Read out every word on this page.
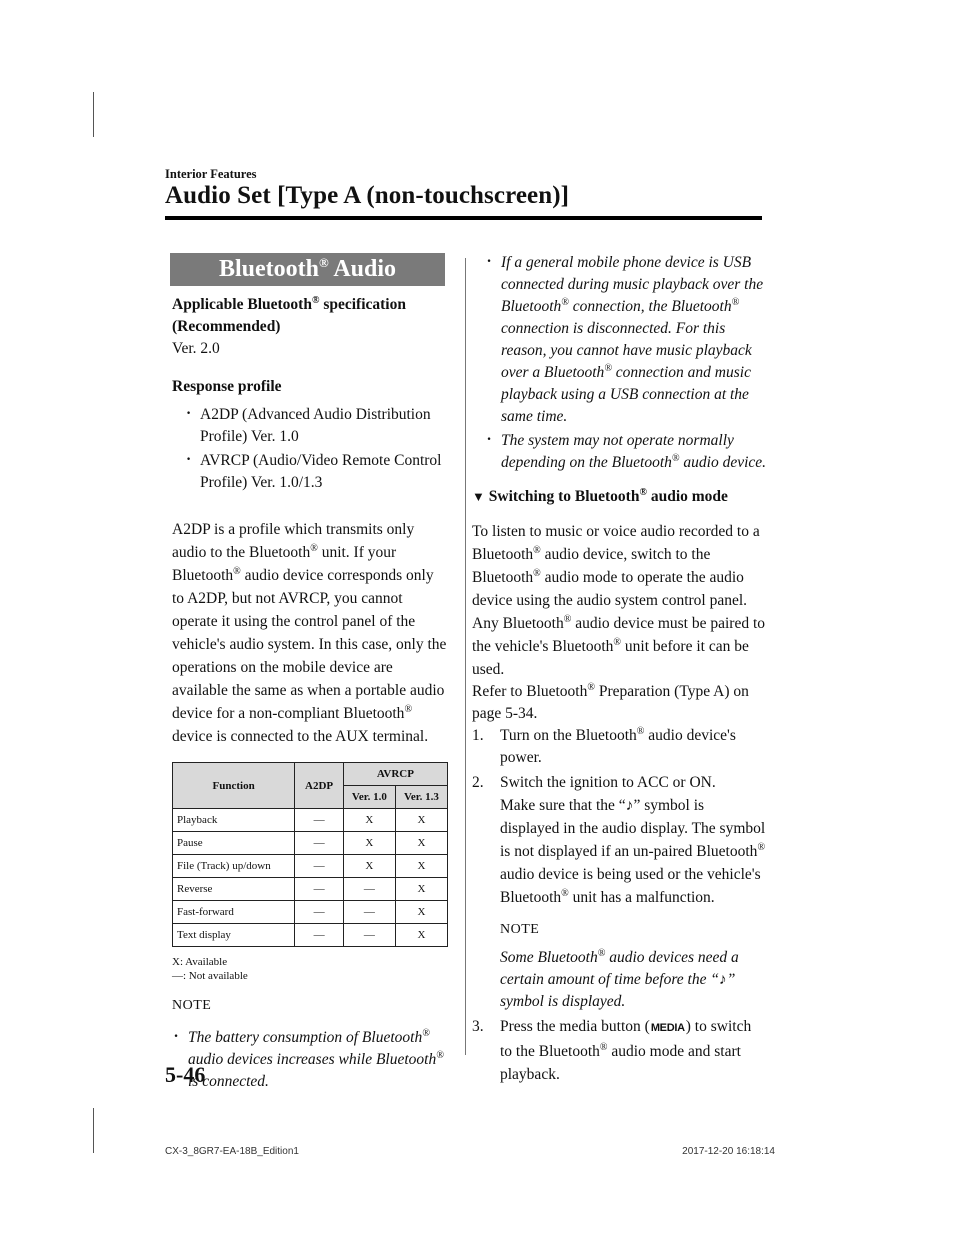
Interior Features
Audio Set [Type A (non-touchscreen)]
Bluetooth® Audio
Applicable Bluetooth® specification (Recommended)
Ver. 2.0
Response profile
· A2DP (Advanced Audio Distribution Profile) Ver. 1.0
· AVRCP (Audio/Video Remote Control Profile) Ver. 1.0/1.3
A2DP is a profile which transmits only audio to the Bluetooth® unit. If your Bluetooth® audio device corresponds only to A2DP, but not AVRCP, you cannot operate it using the control panel of the vehicle's audio system. In this case, only the operations on the mobile device are available the same as when a portable audio device for a non-compliant Bluetooth® device is connected to the AUX terminal.
Function	A2DP	AVRCP	
		Ver. 1.0	Ver. 1.3
Playback	—	X	X
Pause	—	X	X
File (Track) up/down	—	X	X
Reverse	—	—	X
Fast-forward	—	—	X
Text display	—	—	X
X: Available
—: Not available
NOTE
· The battery consumption of Bluetooth® audio devices increases while Bluetooth® is connected.
· If a general mobile phone device is USB connected during music playback over the Bluetooth® connection, the Bluetooth® connection is disconnected. For this reason, you cannot have music playback over a Bluetooth® connection and music playback using a USB connection at the same time.
· The system may not operate normally depending on the Bluetooth® audio device.
▼ Switching to Bluetooth® audio mode
To listen to music or voice audio recorded to a Bluetooth® audio device, switch to the Bluetooth® audio mode to operate the audio device using the audio system control panel. Any Bluetooth® audio device must be paired to the vehicle's Bluetooth® unit before it can be used.
Refer to Bluetooth® Preparation (Type A) on page 5-34.
1. Turn on the Bluetooth® audio device's power.
2. Switch the ignition to ACC or ON.
Make sure that the “♪” symbol is displayed in the audio display. The symbol is not displayed if an un-paired Bluetooth® audio device is being used or the vehicle's Bluetooth® unit has a malfunction.
NOTE
Some Bluetooth® audio devices need a certain amount of time before the “♪” symbol is displayed.
3. Press the media button (MEDIA) to switch to the Bluetooth® audio mode and start playback.
5-46
CX-3_8GR7-EA-18B_Edition1	2017-12-20 16:18:14
